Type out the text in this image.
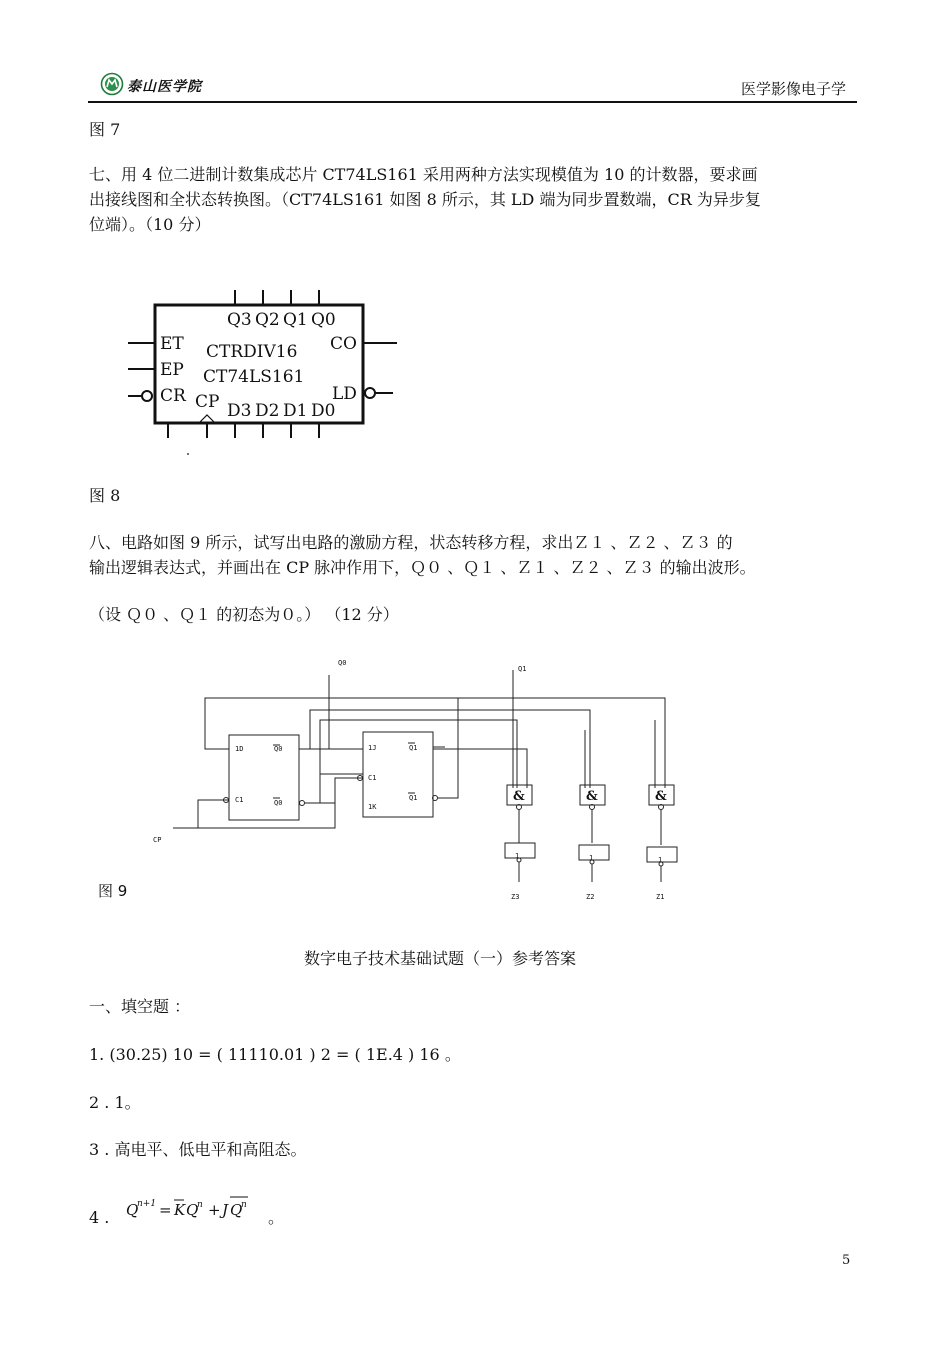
泰山医学院	医学影像电子学
图 7
七、用 4 位二进制计数集成芯片 CT74LS161 采用两种方法实现模值为 10 的计数器，要求画
出接线图和全状态转换图。（CT74LS161 如图 8 所示，其 LD 端为同步置数端，CR 为异步复
位端）。（10 分）
Q3 Q2 Q1 Q0
ET
EP
CR
CTRDIV16
CT74LS161
CO
LD
CP D3 D2 D1 D0
图 8
八、电路如图 9 所示，试写出电路的激励方程，状态转移方程，求出Ｚ１ 、Ｚ２ 、Ｚ３ 的
输出逻辑表达式，并画出在 CP 脉冲作用下，Ｑ０ 、Ｑ１ 、Ｚ１ 、Ｚ２ 、Ｚ３ 的输出波形。
（设 Ｑ０ 、Ｑ１ 的初态为０。） （12 分）
Q0
Q1
CP
1D
C1
Q0
Q0
1J
C1
1K
Q1
Q1
1	1	1
Z3	Z2	Z1
&	&	&
图 9
数字电子技术基础试题（一）参考答案
一、填空题 ：
1. (30.25) 10 = ( 11110.01 ) 2 = ( 1E.4 ) 16 。
2 . 1。
3 . 高电平、低电平和高阻态。
4 . Q
n+1 = K Q
n + J Q
n
。
5
